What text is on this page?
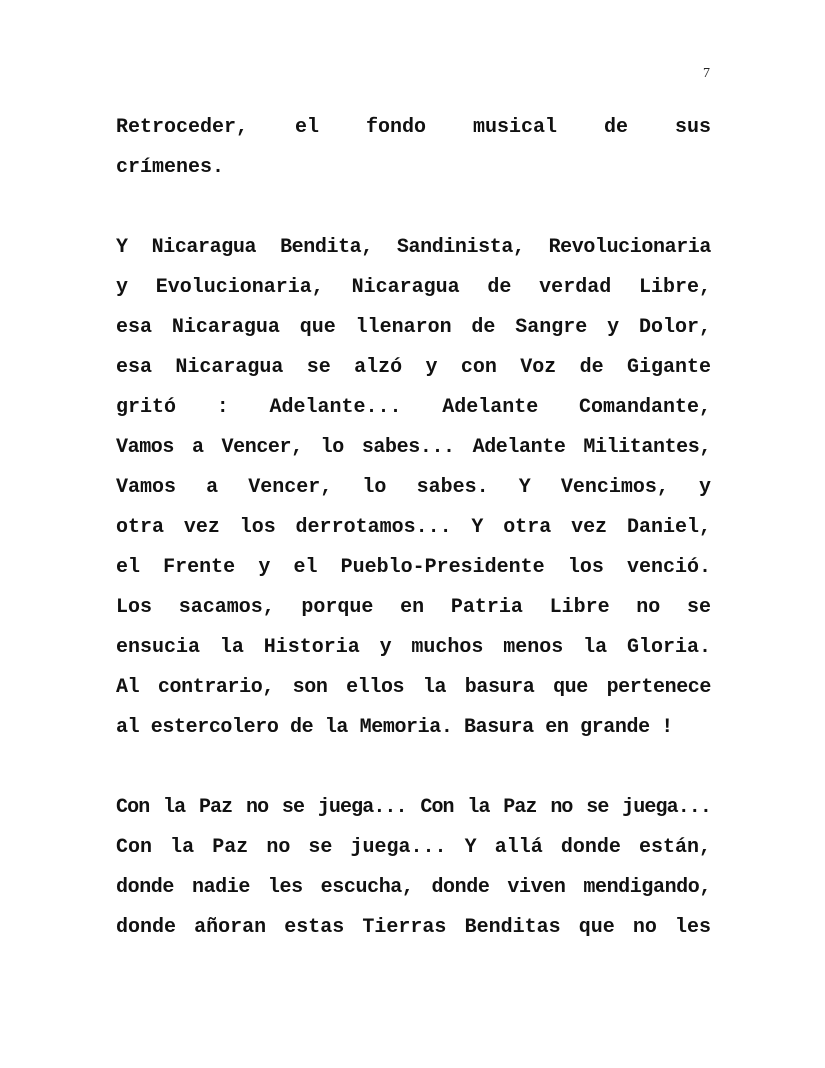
7
Retroceder, el fondo musical de sus
crímenes.
Y Nicaragua Bendita, Sandinista, Revolucionaria
y Evolucionaria, Nicaragua de verdad Libre,
esa Nicaragua que llenaron de Sangre y Dolor,
esa Nicaragua se alzó y con Voz de Gigante
gritó : Adelante... Adelante Comandante,
Vamos a Vencer, lo sabes... Adelante Militantes,
Vamos a Vencer, lo sabes. Y Vencimos, y
otra vez los derrotamos... Y otra vez Daniel,
el Frente y el Pueblo-Presidente los venció.
Los sacamos, porque en Patria Libre no se
ensucia la Historia y muchos menos la Gloria.
Al contrario, son ellos la basura que pertenece
al estercolero de la Memoria. Basura en grande !
Con la Paz no se juega... Con la Paz no se juega...
Con la Paz no se juega... Y allá donde están,
donde nadie les escucha, donde viven mendigando,
donde añoran estas Tierras Benditas que no les
